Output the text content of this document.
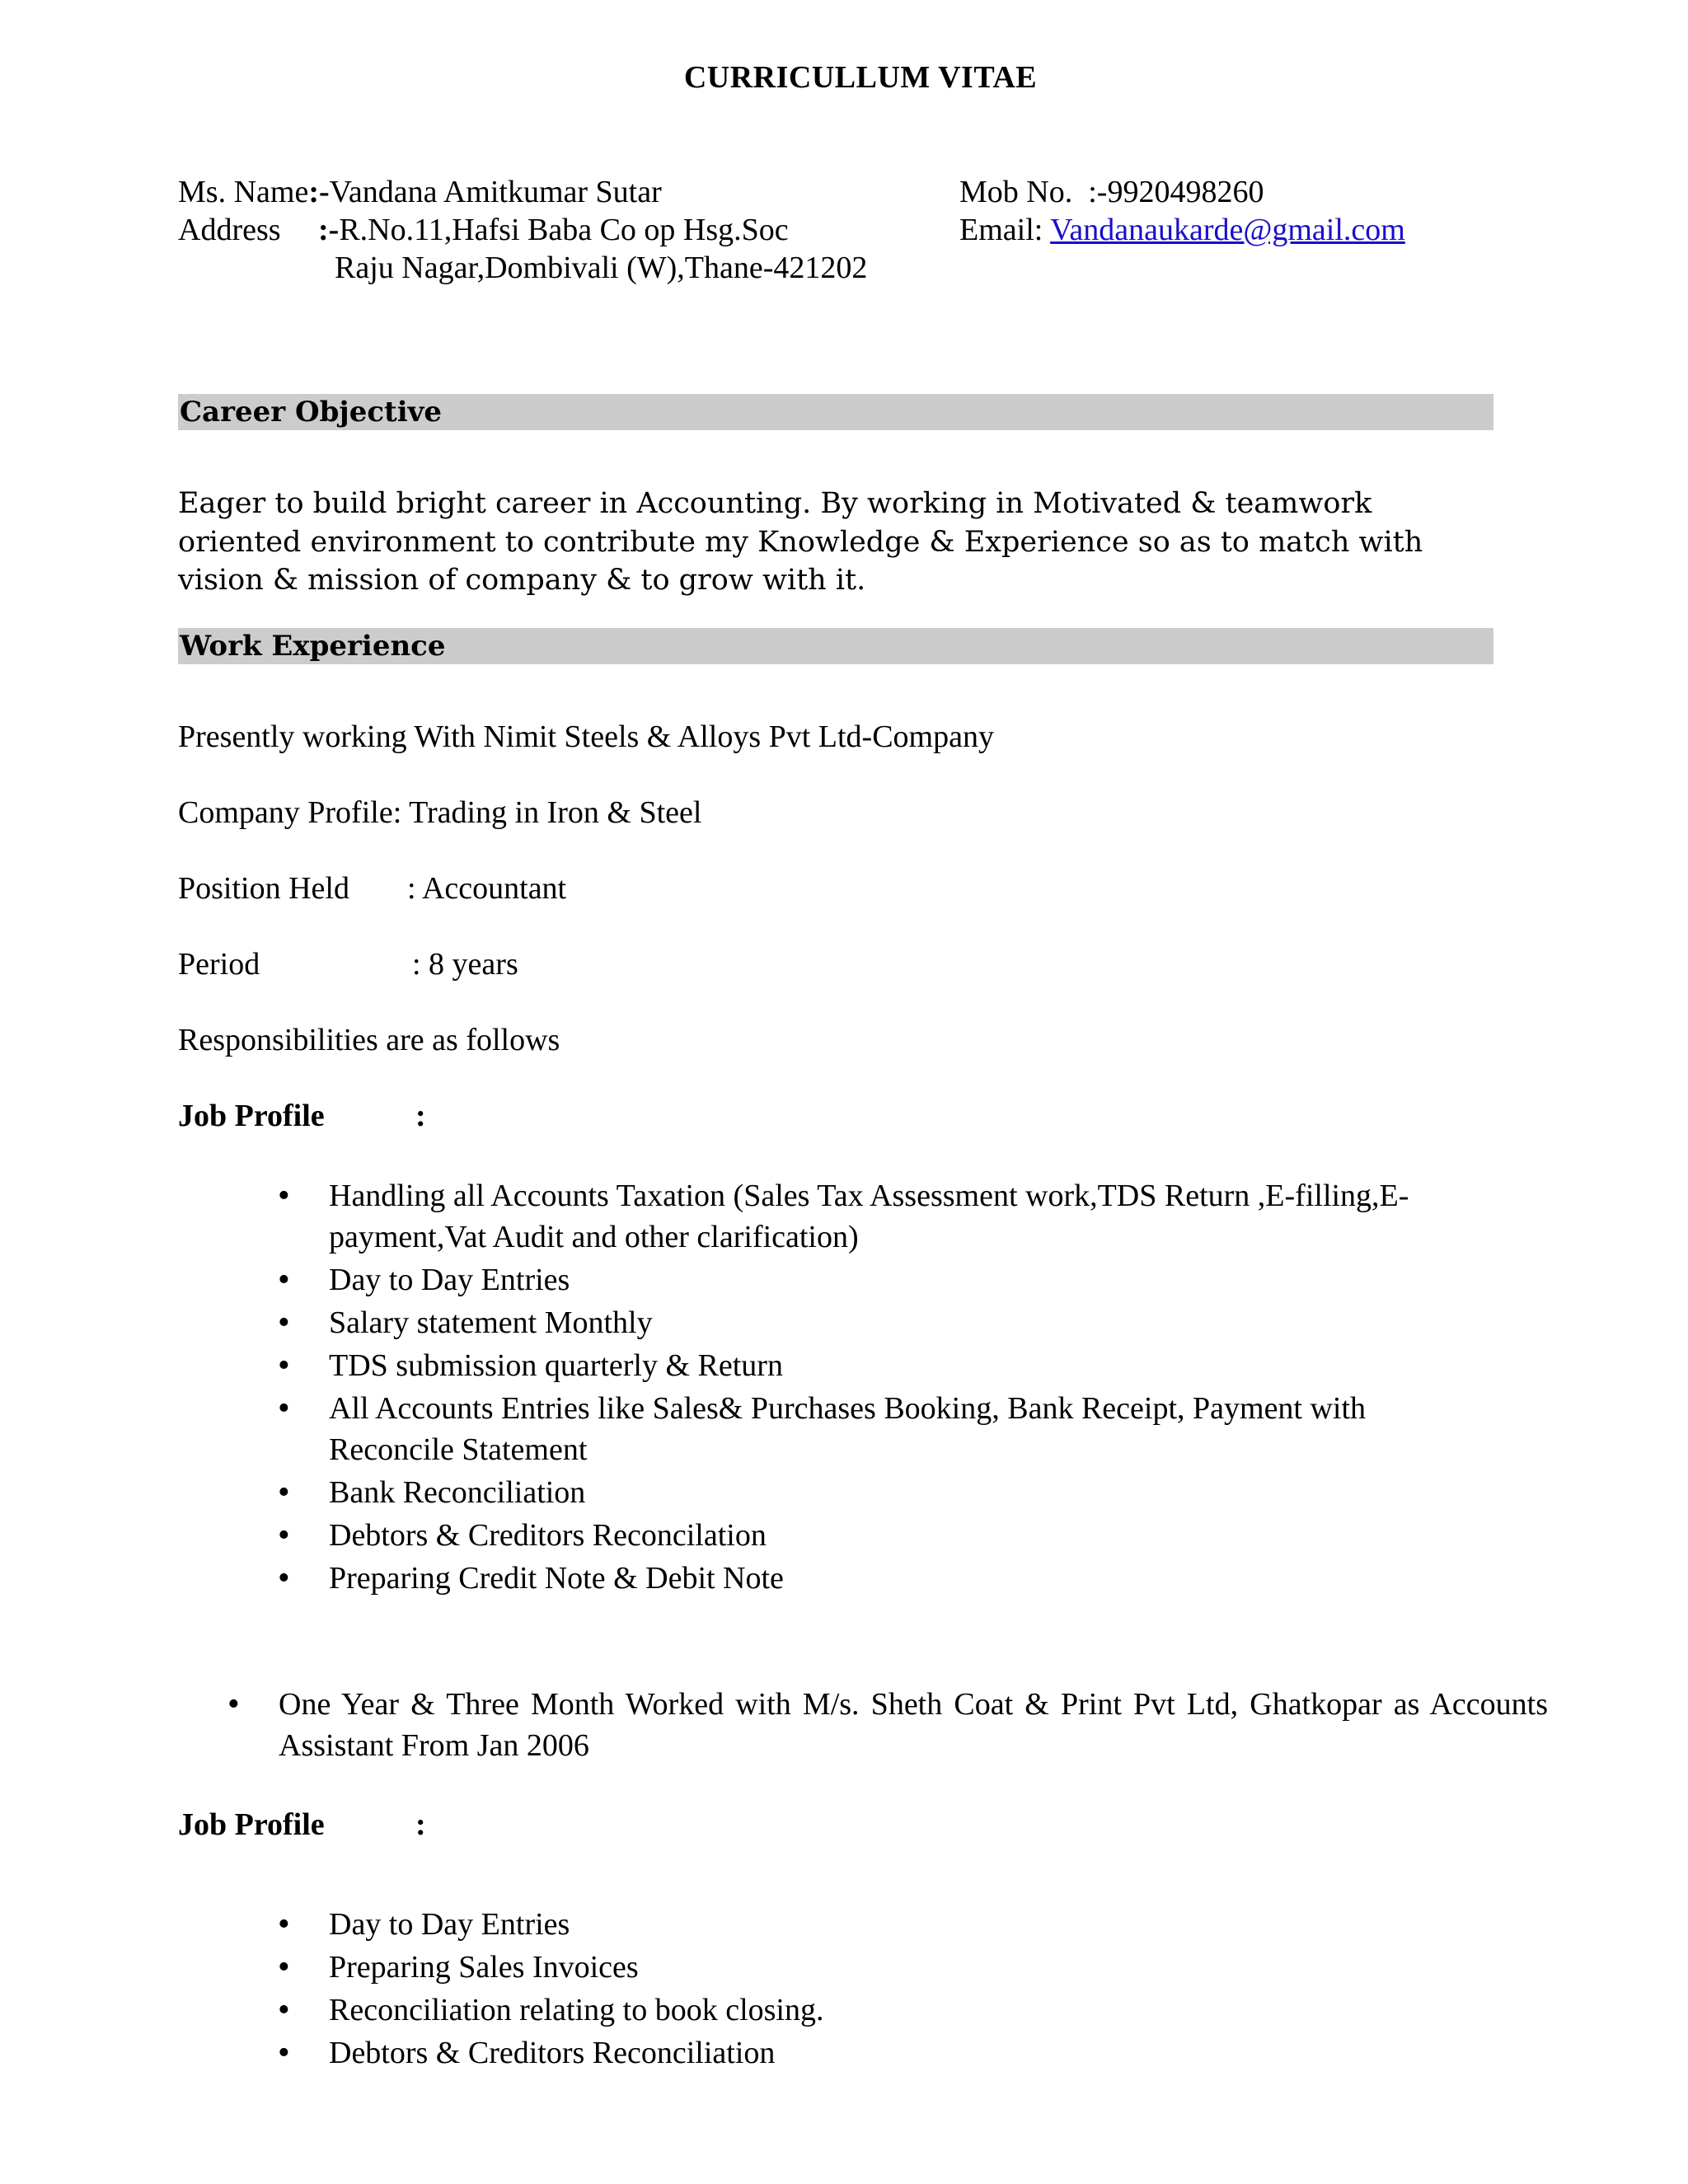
CURRICULLUM VITAE
Ms. Name:-Vandana Amitkumar Sutar
Address :-R.No.11,Hafsi Baba Co op Hsg.Soc
Raju Nagar,Dombivali (W),Thane-421202
Mob No. :-9920498260
Email: Vandanaukarde@gmail.com
Career Objective
Eager to build bright career in Accounting. By working in Motivated & teamwork oriented environment to contribute my Knowledge & Experience so as to match with vision & mission of company & to grow with it.
Work Experience
Presently working With Nimit Steels & Alloys Pvt Ltd-Company
Company Profile: Trading in Iron & Steel
Position Held : Accountant
Period	: 8 years
Responsibilities are as follows
Job Profile	:
• Handling all Accounts Taxation (Sales Tax Assessment work,TDS Return ,E-filling,E-payment,Vat Audit and other clarification)
• Day to Day Entries
• Salary statement Monthly
• TDS submission quarterly & Return
• All Accounts Entries like Sales& Purchases Booking, Bank Receipt, Payment with Reconcile Statement
• Bank Reconciliation
• Debtors & Creditors Reconcilation
• Preparing Credit Note & Debit Note
• One Year & Three Month Worked with M/s. Sheth Coat & Print Pvt Ltd, Ghatkopar as Accounts Assistant From Jan 2006
Job Profile	:
• Day to Day Entries
• Preparing Sales Invoices
• Reconciliation relating to book closing.
• Debtors & Creditors Reconciliation
